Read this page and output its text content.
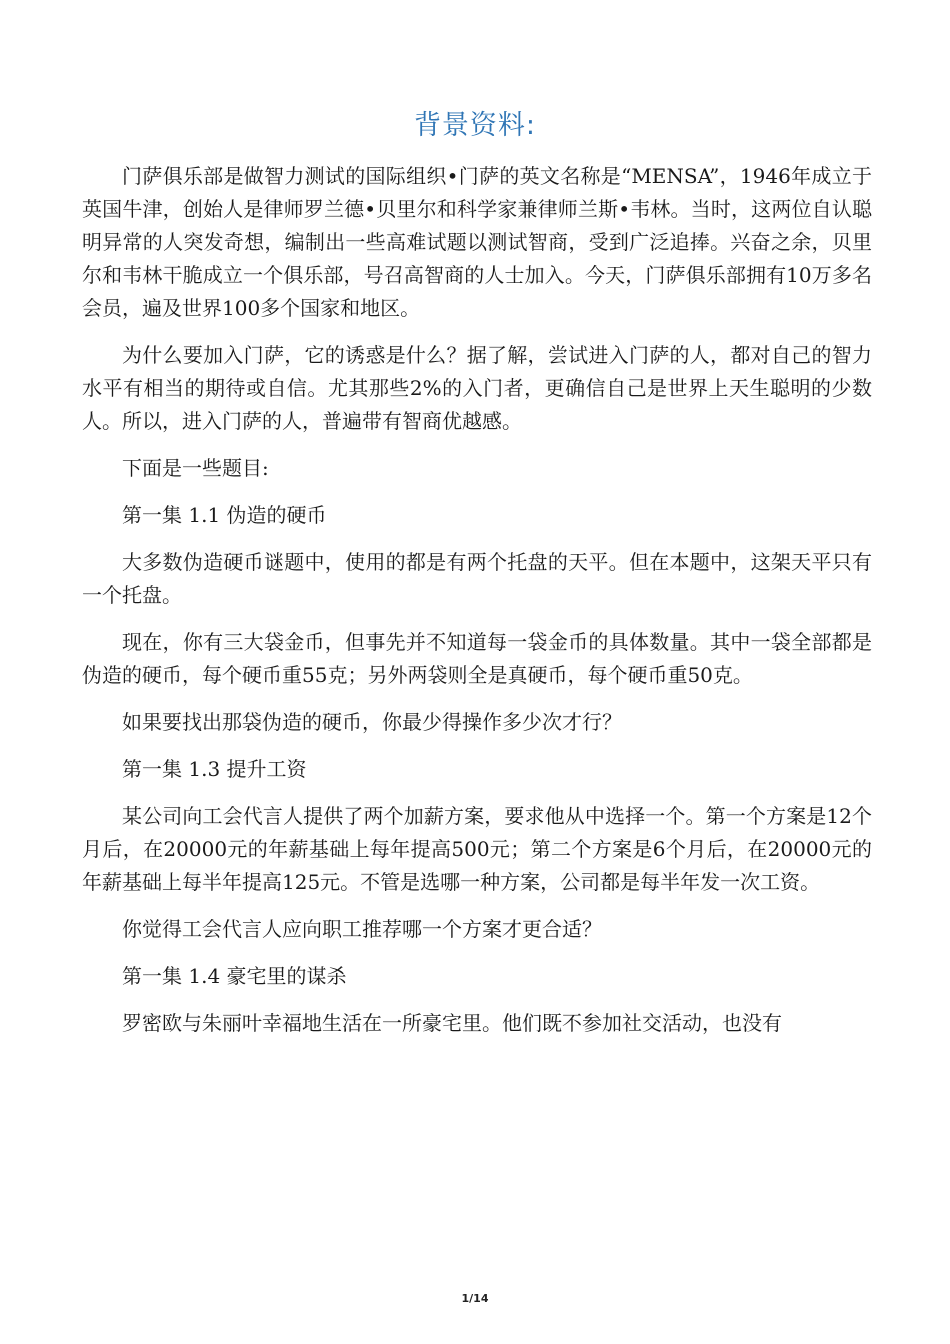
背景资料:

门萨俱乐部是做智力测试的国际组织•门萨的英文名称是“MENSA”，1946年成立于英国牛津，创始人是律师罗兰德•贝里尔和科学家兼律师兰斯•韦林。当时，这两位自认聪明异常的人突发奇想，编制出一些高难试题以测试智商，受到广泛追捧。兴奋之余，贝里尔和韦林干脆成立一个俱乐部，号召高智商的人士加入。今天，门萨俱乐部拥有10万多名会员，遍及世界100多个国家和地区。

为什么要加入门萨，它的诱惑是什么？据了解，尝试进入门萨的人，都对自己的智力水平有相当的期待或自信。尤其那些2%的入门者，更确信自己是世界上天生聪明的少数人。所以，进入门萨的人，普遍带有智商优越感。

下面是一些题目:

第一集 1.1 伪造的硬币

大多数伪造硬币谜题中，使用的都是有两个托盘的天平。但在本题中，这架天平只有一个托盘。

现在，你有三大袋金币，但事先并不知道每一袋金币的具体数量。其中一袋全部都是伪造的硬币，每个硬币重55克；另外两袋则全是真硬币，每个硬币重50克。

如果要找出那袋伪造的硬币，你最少得操作多少次才行？

第一集 1.3 提升工资

某公司向工会代言人提供了两个加薪方案，要求他从中选择一个。第一个方案是12个月后，在20000元的年薪基础上每年提高500元；第二个方案是6个月后，在20000元的年薪基础上每半年提高125元。不管是选哪一种方案，公司都是每半年发一次工资。

你觉得工会代言人应向职工推荐哪一个方案才更合适？

第一集 1.4 豪宅里的谋杀

罗密欧与朱丽叶幸福地生活在一所豪宅里。他们既不参加社交活动，也没有

1/14
